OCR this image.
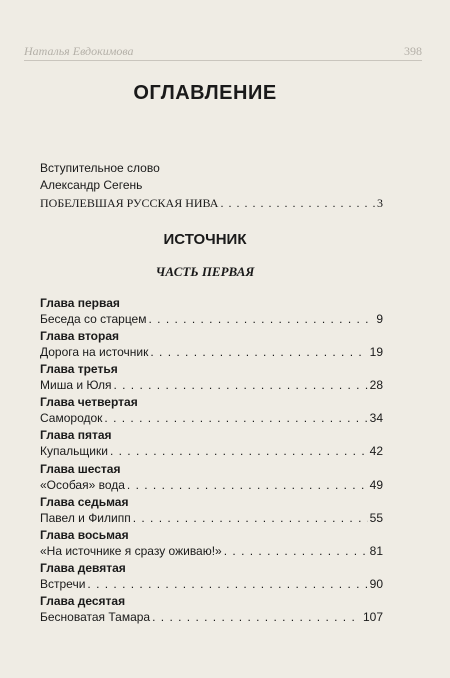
Наталья Евдокимова	398
ОГЛАВЛЕНИЕ
Вступительное слово
Александр Сегень
ПОБЕЛЕВШАЯ РУССКАЯ НИВА . . .	3
ИСТОЧНИК
ЧАСТЬ ПЕРВАЯ
Глава первая
Беседа со старцем . . .	9
Глава вторая
Дорога на источник . . .	19
Глава третья
Миша и Юля . . .	28
Глава четвертая
Самородок . . .	34
Глава пятая
Купальщики . . .	42
Глава шестая
«Особая» вода . . .	49
Глава седьмая
Павел и Филипп . . .	55
Глава восьмая
«На источнике я сразу оживаю!» . . .	81
Глава девятая
Встречи . . .	90
Глава десятая
Бесноватая Тамара . . .	107
